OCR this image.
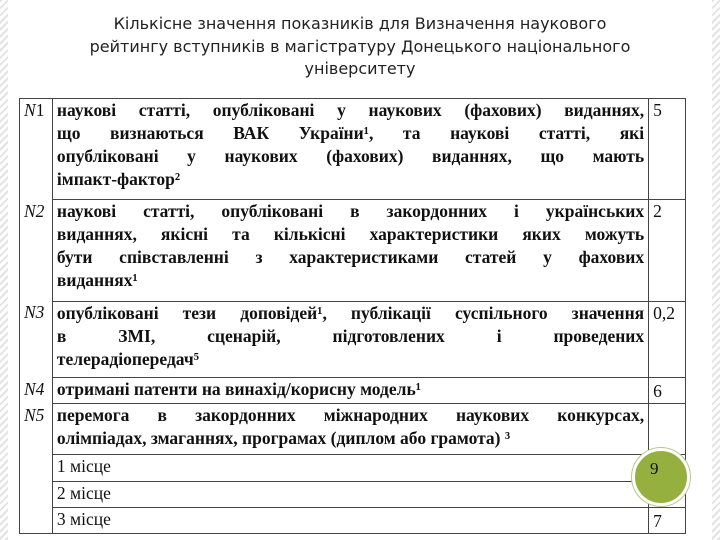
Кількісне значення показників для Визначення наукового
рейтингу вступників в магістратуру Донецького національного
університету
N1	наукові статті, опубліковані у наукових (фахових) виданнях,
що визнаються ВАК України¹, та наукові статті, які
опубліковані у наукових (фахових) виданнях, що мають
імпакт-фактор²	5

N2	наукові статті, опубліковані в закордонних і українських
виданнях, якісні та кількісні характеристики яких можуть
бути співставленні з характеристиками статей у фахових
виданнях¹	2
N3	опубліковані тези доповідей¹, публікації суспільного значення
в ЗМІ, сценарій, підготовлених і проведених
телерадіопередач⁵	0,2
N4	отримані патенти на винахід/корисну модель¹	6
N5	перемога в закордонних міжнародних наукових конкурсах,
олімпіадах, змаганнях, програмах (диплом або грамота) ³	

	1 місце	
	2 місце	
	3 місце	7
9
